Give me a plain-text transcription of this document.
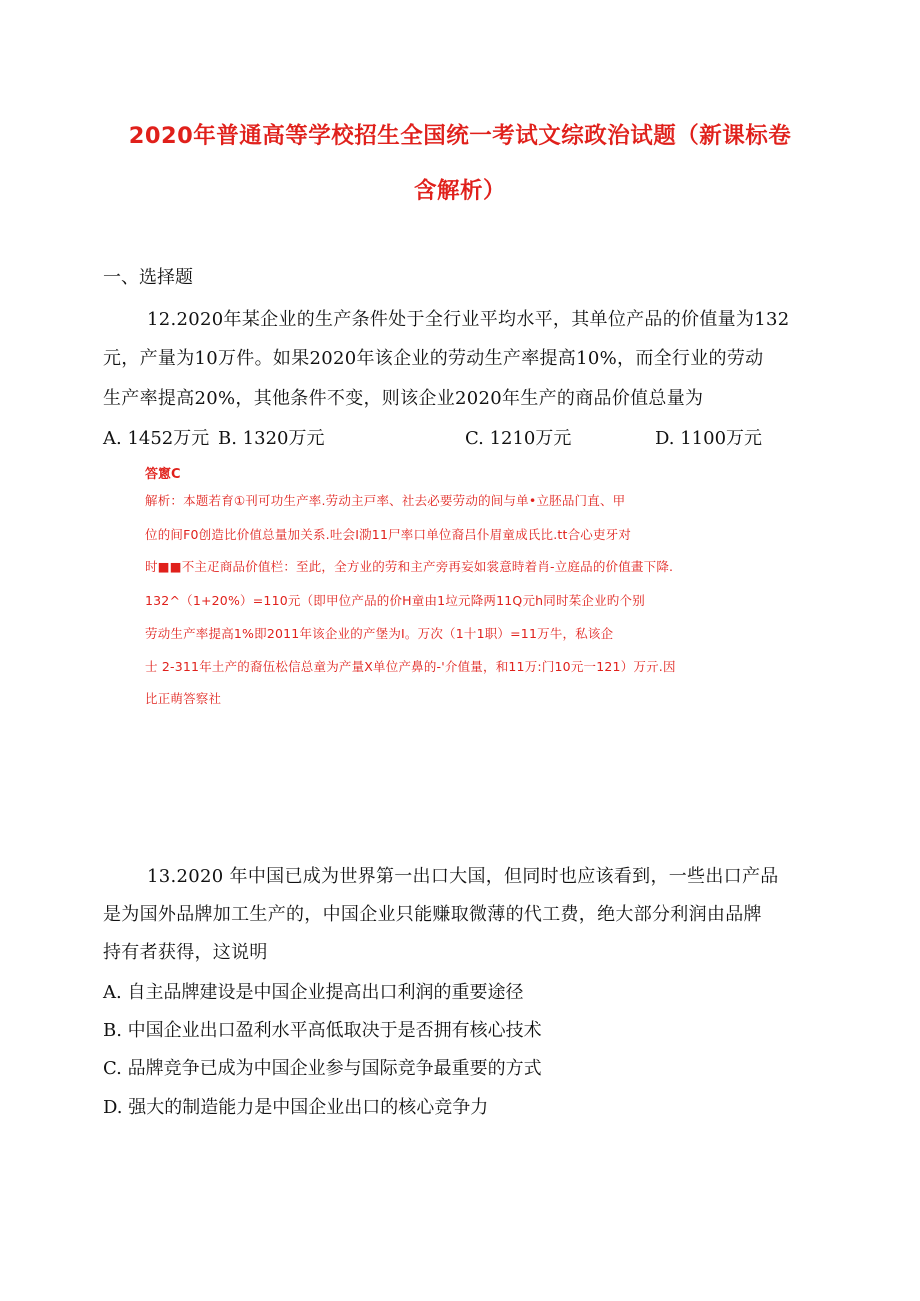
2020年普通高等学校招生全国统一考试文综政治试题（新课标卷
含解析）
一、选择题
12.2020年某企业的生产条件处于全行业平均水平，其单位产品的价值量为132
元，产量为10万件。如果2020年该企业的劳动生产率提高10%，而全行业的劳动
生产率提高20%，其他条件不变，则该企业2020年生产的商品价值总量为
A. 1452万元 B. 1320万元	C. 1210万元	D. 1100万元
答窻C
解析：本题若育①刊可功生产率.劳动主戸率、社去必要劳动的间与单•立胚品门直、甲
位的间F0创造比价值总量加关系.吐会I泐11尸率口单位裔吕仆眉童成氏比.tt合心吏牙对
时■■不主疋商品价值栏：至此，全方业的劳和主产旁再妄如裳意時着肖-立庭品的价值畫下降.
132^（1+20%）=110元（即甲位产品的价H童由1垃元降两11Q元h同时茱企业旳个别
劳动生产率提高1%即2011年该企业的产堡为I。万次（1十1职）=11万牛，私该企
士 2-311年土产的裔伍松信总童为产量X单位产鼻的-'介值量，和11万:门10元一121）万亓.因
比正萌答察社
13.2020 年中国已成为世界第一出口大国，但同时也应该看到，一些出口产品
是为国外品牌加工生产的，中国企业只能赚取微薄的代工费，绝大部分利润由品牌
持有者获得，这说明
A. 自主品牌建设是中国企业提高出口利润的重要途径
B. 中国企业出口盈利水平高低取决于是否拥有核心技术
C. 品牌竞争已成为中国企业参与国际竞争最重要的方式
D. 强大的制造能力是中国企业出口的核心竞争力
